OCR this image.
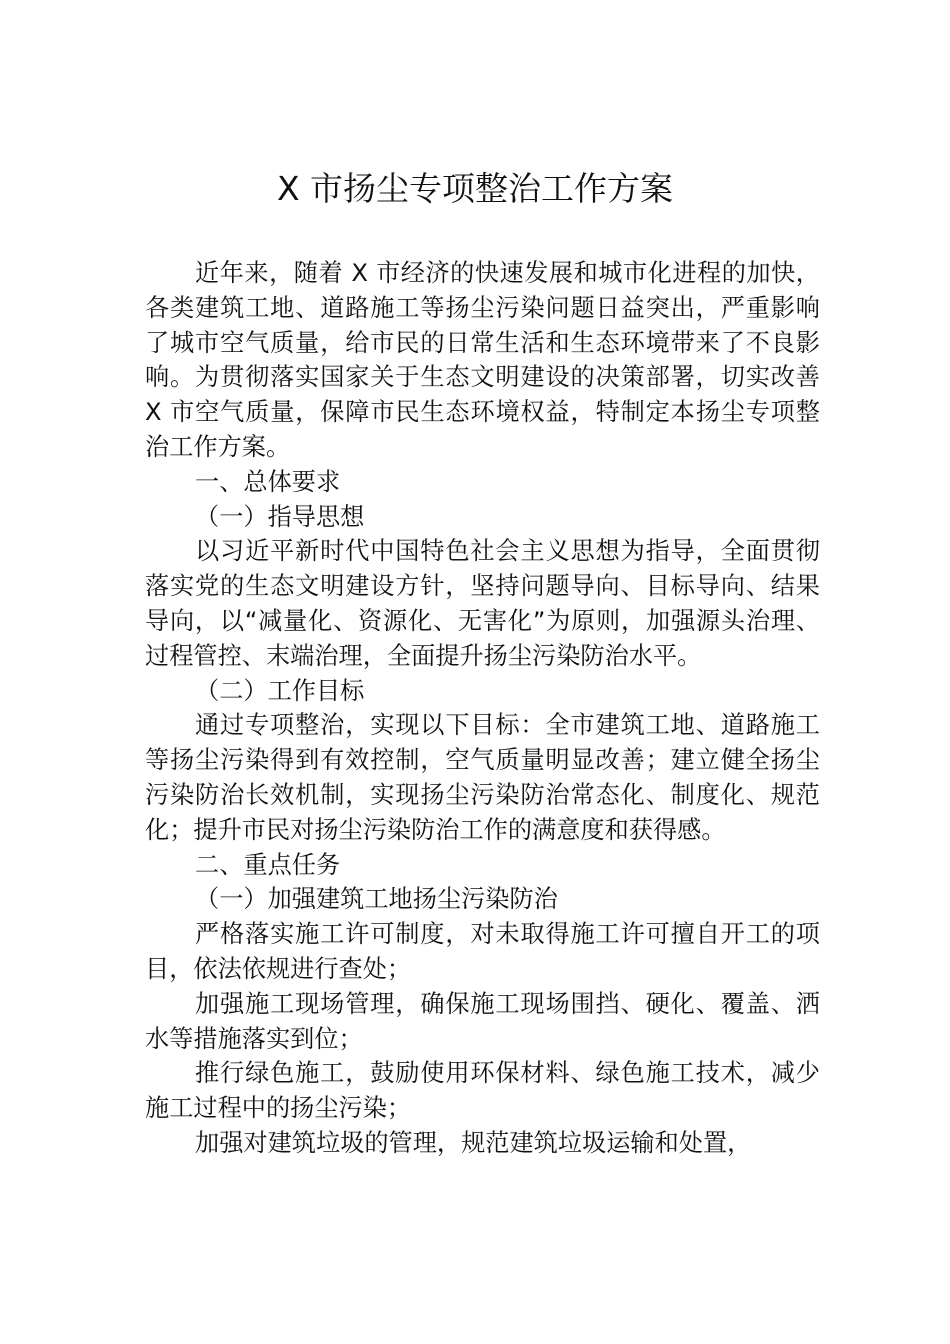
X 市扬尘专项整治工作方案

近年来，随着 X 市经济的快速发展和城市化进程的加快，各类建筑工地、道路施工等扬尘污染问题日益突出，严重影响了城市空气质量，给市民的日常生活和生态环境带来了不良影响。为贯彻落实国家关于生态文明建设的决策部署，切实改善 X 市空气质量，保障市民生态环境权益，特制定本扬尘专项整治工作方案。

一、总体要求

（一）指导思想

以习近平新时代中国特色社会主义思想为指导，全面贯彻落实党的生态文明建设方针，坚持问题导向、目标导向、结果导向，以“减量化、资源化、无害化”为原则，加强源头治理、过程管控、末端治理，全面提升扬尘污染防治水平。

（二）工作目标

通过专项整治，实现以下目标：全市建筑工地、道路施工等扬尘污染得到有效控制，空气质量明显改善；建立健全扬尘污染防治长效机制，实现扬尘污染防治常态化、制度化、规范化；提升市民对扬尘污染防治工作的满意度和获得感。

二、重点任务

（一）加强建筑工地扬尘污染防治

严格落实施工许可制度，对未取得施工许可擅自开工的项目，依法依规进行查处；

加强施工现场管理，确保施工现场围挡、硬化、覆盖、洒水等措施落实到位；

推行绿色施工，鼓励使用环保材料、绿色施工技术，减少施工过程中的扬尘污染；

加强对建筑垃圾的管理，规范建筑垃圾运输和处置，
